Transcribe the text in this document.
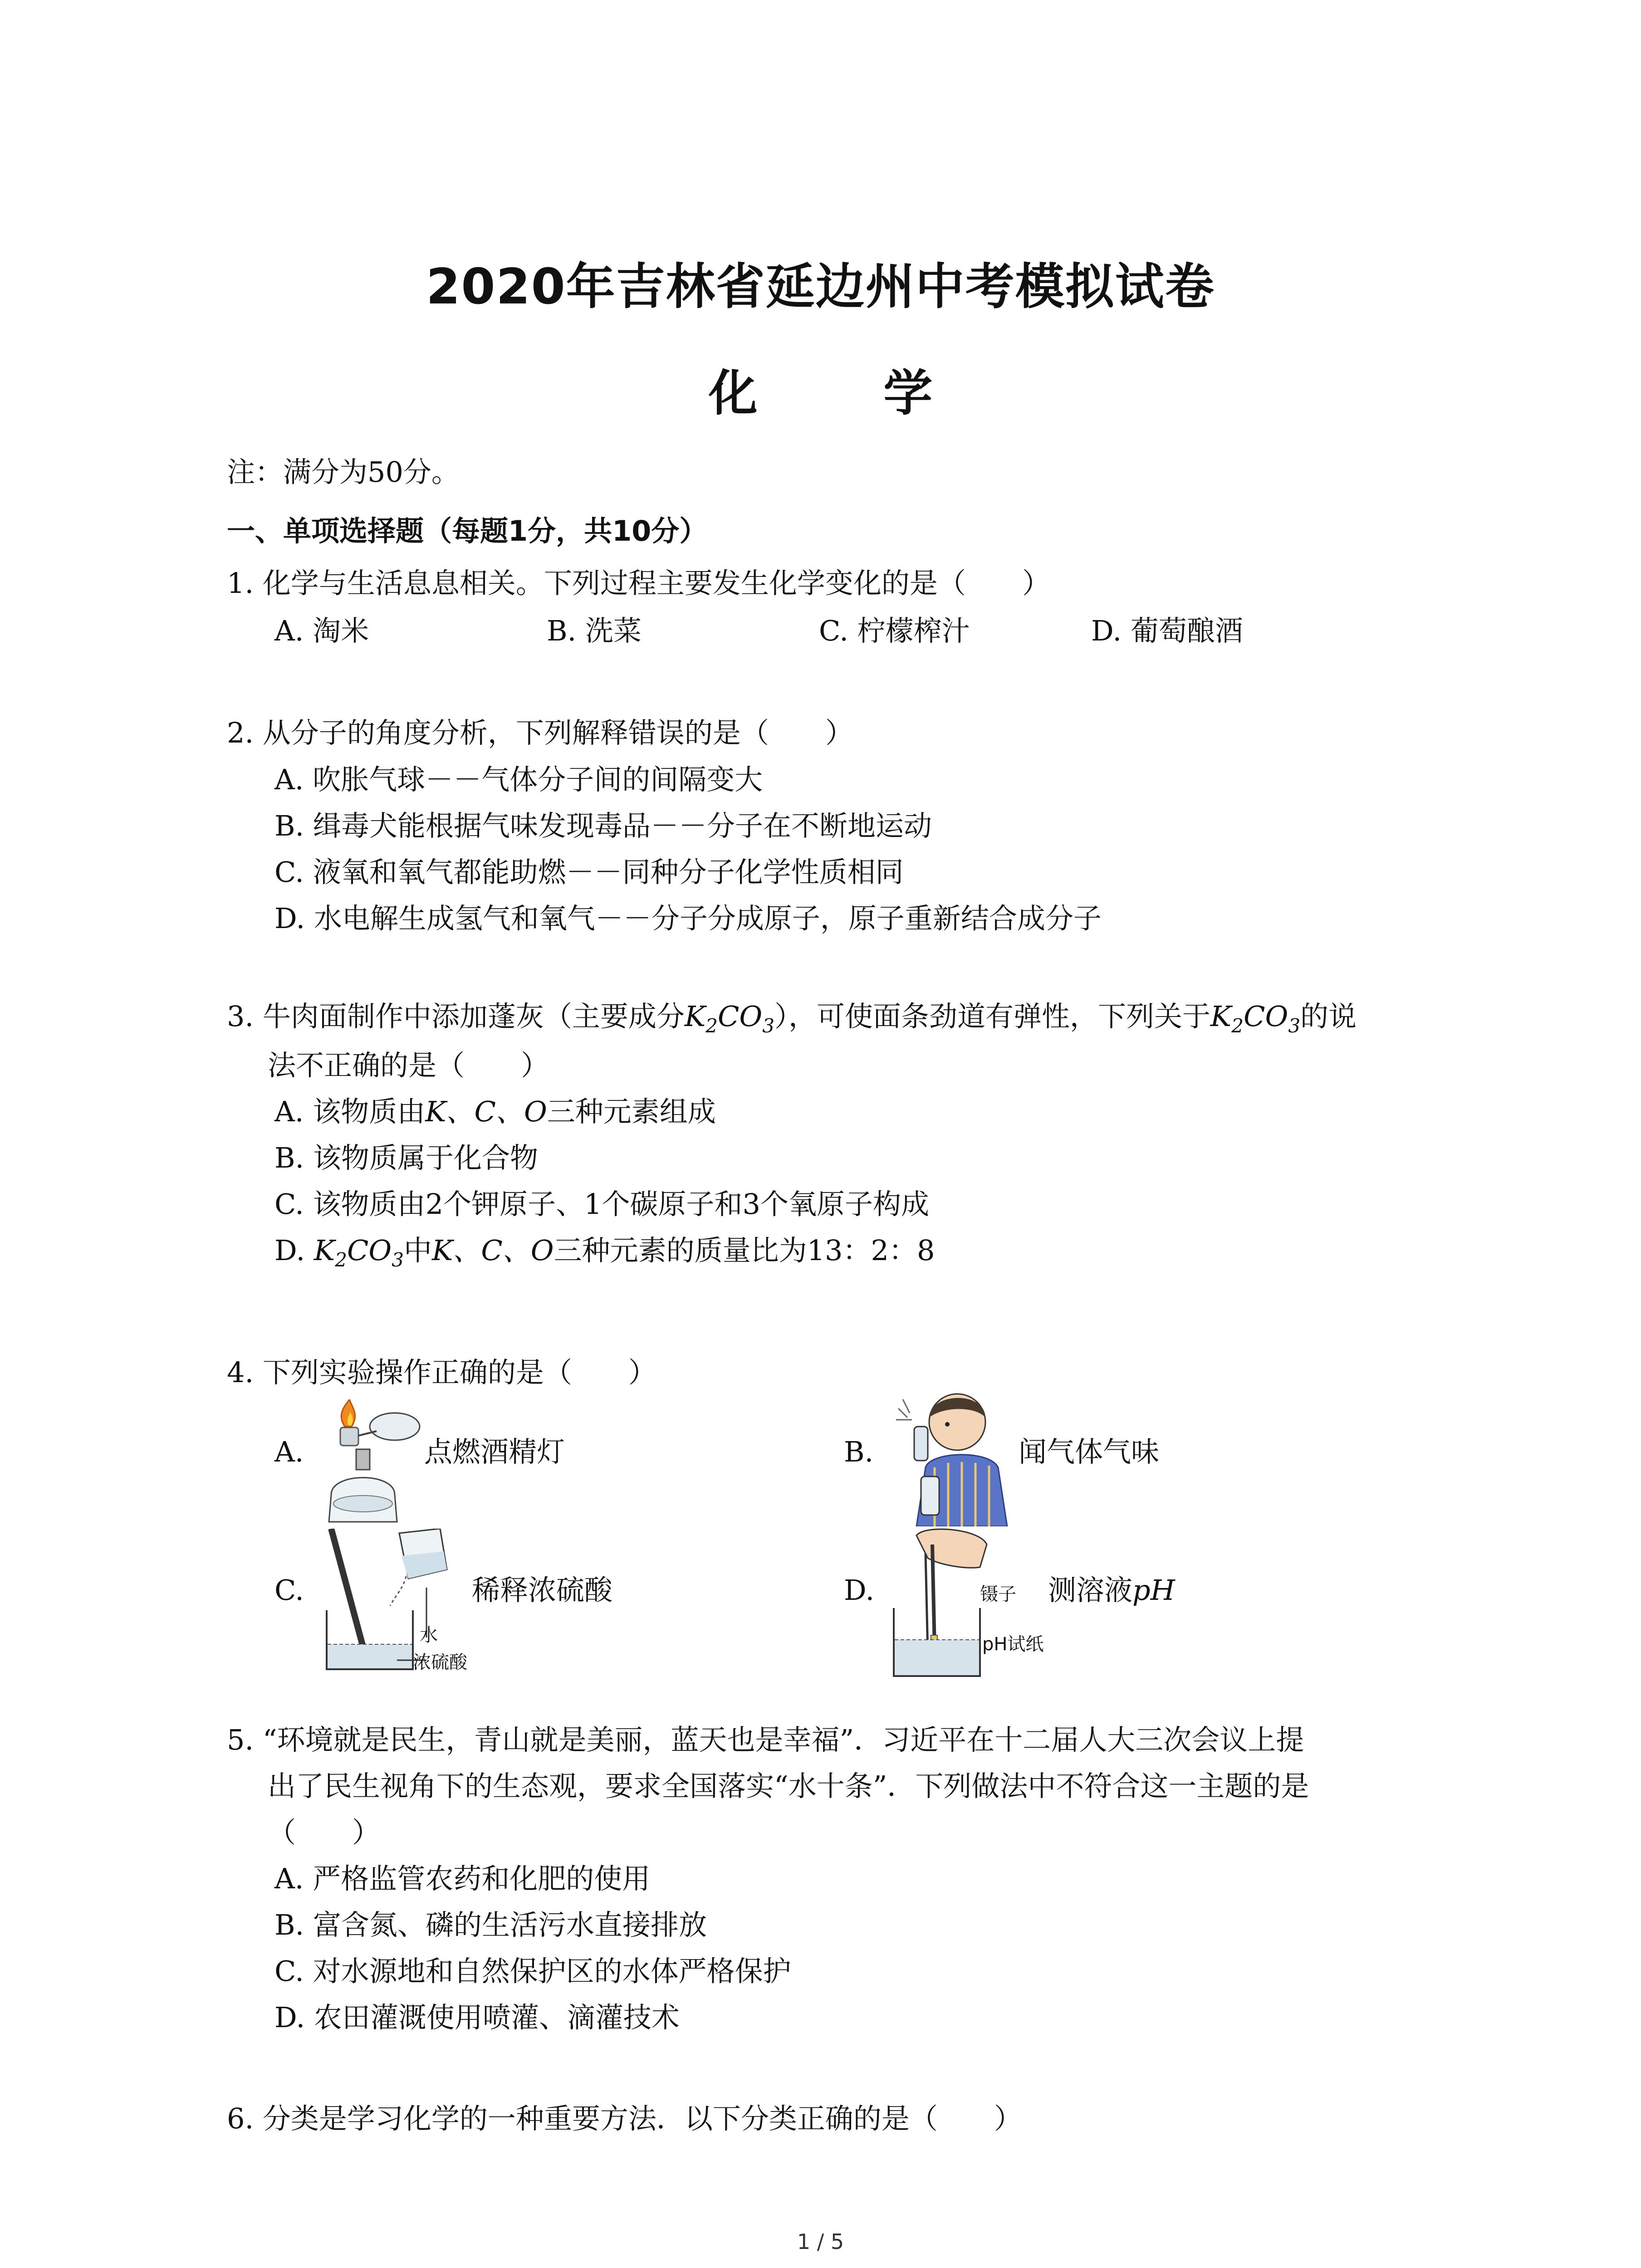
2020年吉林省延边州中考模拟试卷
化 学
注：满分为50分。
一、单项选择题（每题1分，共10分）
1. 化学与生活息息相关。下列过程主要发生化学变化的是（　　）
A. 淘米	B. 洗菜	C. 柠檬榨汁	D. 葡萄酿酒
2. 从分子的角度分析，下列解释错误的是（　　）
A. 吹胀气球－－气体分子间的间隔变大
B. 缉毒犬能根据气味发现毒品－－分子在不断地运动
C. 液氧和氧气都能助燃－－同种分子化学性质相同
D. 水电解生成氢气和氧气－－分子分成原子，原子重新结合成分子
3. 牛肉面制作中添加蓬灰（主要成分$K_2CO_3$），可使面条劲道有弹性，下列关于$K_2CO_3$的说
法不正确的是（　　）
A. 该物质由K、C、O三种元素组成
B. 该物质属于化合物
C. 该物质由2个钾原子、1个碳原子和3个氧原子构成
D. $K_2CO_3$中K、C、O三种元素的质量比为13：2：8
4. 下列实验操作正确的是（　　）
A.	点燃酒精灯	B.	闻气体气味
C.
水
浓硫酸
稀释浓硫酸	D.	镊子
pH试纸
测溶液pH
5. “环境就是民生，青山就是美丽，蓝天也是幸福”．习近平在十二届人大三次会议上提
出了民生视角下的生态观，要求全国落实“水十条”．下列做法中不符合这一主题的是
（　　）
A. 严格监管农药和化肥的使用
B. 富含氮、磷的生活污水直接排放
C. 对水源地和自然保护区的水体严格保护
D. 农田灌溉使用喷灌、滴灌技术
6. 分类是学习化学的一种重要方法．以下分类正确的是（　　）
1 / 5
